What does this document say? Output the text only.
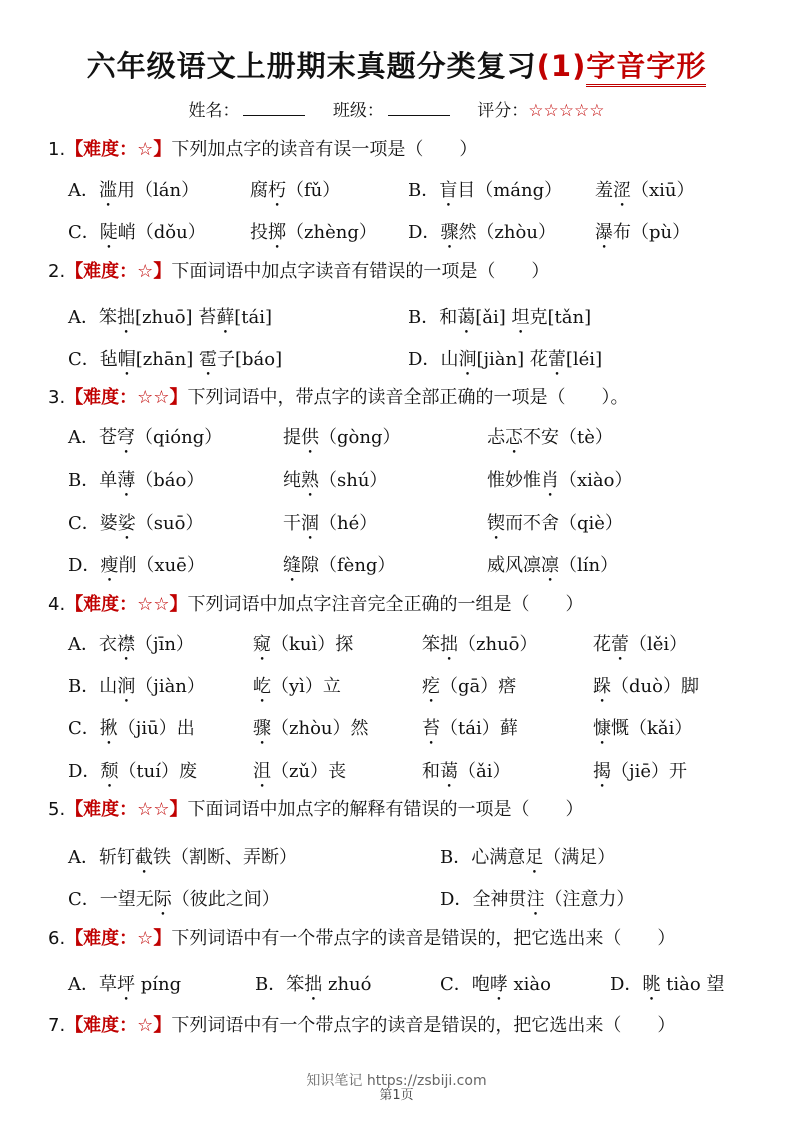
六年级语文上册期末真题分类复习(1)字音字形
姓名：	班级：	评分：☆☆☆☆☆
1.【难度：☆】下列加点字的读音有误一项是（　　）
A．滥用（lán）	腐朽（fǔ）	B．盲目（máng） 羞涩（xiū）
C．陡峭（dǒu） 投掷（zhèng） D．骤然（zhòu） 瀑布（pù）
2.【难度：☆】下面词语中加点字读音有错误的一项是（　　）
A．笨拙[zhuō] 苔藓[tái]	B．和蔼[ǎi] 坦克[tǎn]
C．毡帽[zhān] 雹子[báo]	D．山涧[jiàn] 花蕾[léi]
3.【难度：☆☆】下列词语中，带点字的读音全部正确的一项是（　　）。
A．苍穹（qióng）	提供（gòng）	忐忑不安（tè）
B．单薄（báo）	纯熟（shú）	惟妙惟肖（xiào）
C．婆娑（suō）	干涸（hé）	锲而不舍（qiè）
D．瘦削（xuē）	缝隙（fèng）	威风凛凛（lín）
4.【难度：☆☆】下列词语中加点字注音完全正确的一组是（　　）
A．衣襟（jīn）	窥（kuì）探	笨拙（zhuō）	花蕾（lěi）
B．山涧（jiàn）	屹（yì）立	疙（gā）瘩	跺（duò）脚
C．揪（jiū）出	骤（zhòu）然	苔（tái）藓	慷慨（kǎi）
D．颓（tuí）废	沮（zǔ）丧	和蔼（ǎi）	揭（jiē）开
5.【难度：☆☆】下面词语中加点字的解释有错误的一项是（　　）
A．斩钉截铁（割断、弄断）	B．心满意足（满足）
C．一望无际（彼此之间）	D．全神贯注（注意力）
6.【难度：☆】下列词语中有一个带点字的读音是错误的，把它选出来（　　）
A．草坪 píng	B．笨拙 zhuó	C．咆哮 xiào	D．眺 tiào 望
7.【难度：☆】下列词语中有一个带点字的读音是错误的，把它选出来（　　）
知识笔记 https://zsbiji.com
第1页
